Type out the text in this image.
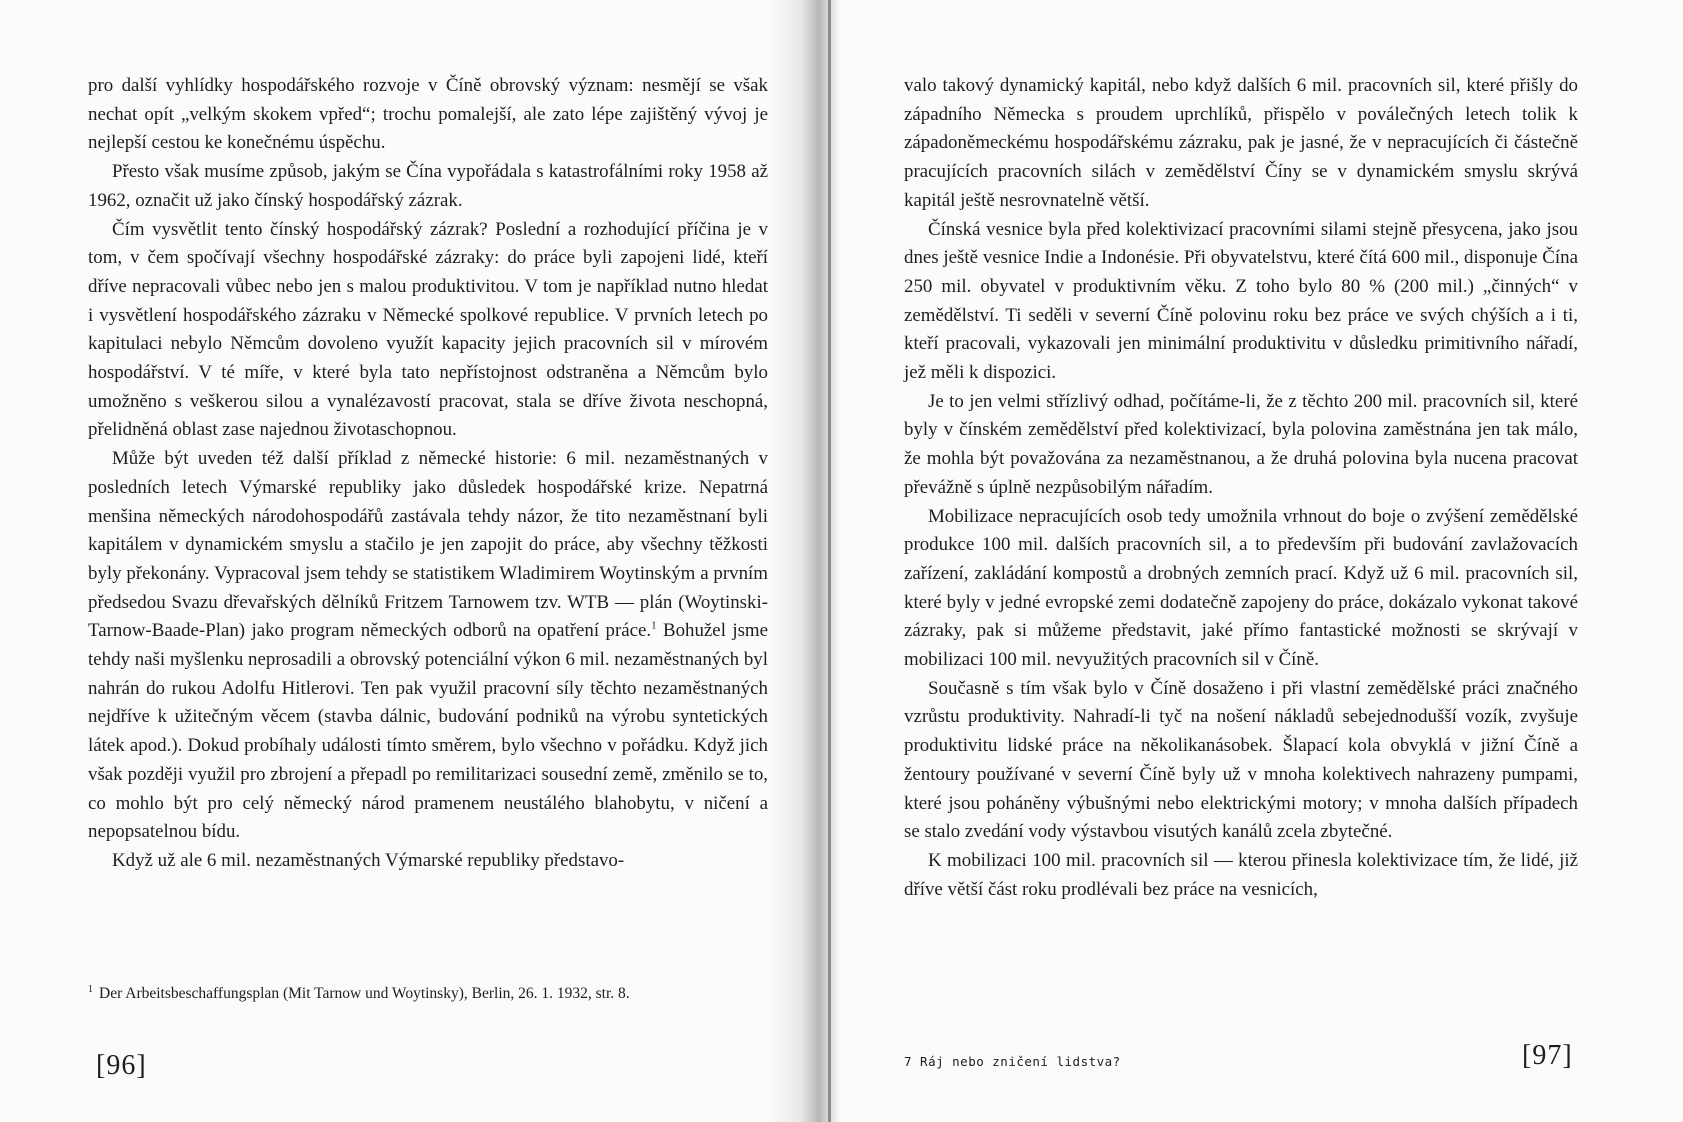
pro další vyhlídky hospodářského rozvoje v Číně obrovský význam: nesmějí se však nechat opít „velkým skokem vpřed“; trochu pomalejší, ale zato lépe zajištěný vývoj je nejlepší cestou ke konečnému úspěchu.

Přesto však musíme způsob, jakým se Čína vypořádala s katastrofálními roky 1958 až 1962, označit už jako čínský hospodářský zázrak.

Čím vysvětlit tento čínský hospodářský zázrak? Poslední a rozhodující příčina je v tom, v čem spočívají všechny hospodářské zázraky: do práce byli zapojeni lidé, kteří dříve nepracovali vůbec nebo jen s malou produktivitou. V tom je například nutno hledat i vysvětlení hospodářského zázraku v Německé spolkové republice. V prvních letech po kapitulaci nebylo Němcům dovoleno využít kapacity jejich pracovních sil v mírovém hospodářství. V té míře, v které byla tato nepřístojnost odstraněna a Němcům bylo umožněno s veškerou silou a vynalézavostí pracovat, stala se dříve života neschopná, přelidněná oblast zase najednou životaschopnou.

Může být uveden též další příklad z německé historie: 6 mil. nezaměstnaných v posledních letech Výmarské republiky jako důsledek hospodářské krize. Nepatrná menšina německých národohospodářů zastávala tehdy názor, že tito nezaměstnaní byli kapitálem v dynamickém smyslu a stačilo je jen zapojit do práce, aby všechny těžkosti byly překonány. Vypracoval jsem tehdy se statistikem Wladimirem Woytinským a prvním předsedou Svazu dřevařských dělníků Fritzem Tarnowem tzv. WTB — plán (Woytinski-Tarnow-Baade-Plan) jako program německých odborů na opatření práce.$^1$ Bohužel jsme tehdy naši myšlenku neprosadili a obrovský potenciální výkon 6 mil. nezaměstnaných byl nahrán do rukou Adolfu Hitlerovi. Ten pak využil pracovní síly těchto nezaměstnaných nejdříve k užitečným věcem (stavba dálnic, budování podniků na výrobu syntetických látek apod.). Dokud probíhaly události tímto směrem, bylo všechno v pořádku. Když jich však později využil pro zbrojení a přepadl po remilitarizaci sousední země, změnilo se to, co mohlo být pro celý německý národ pramenem neustálého blahobytu, v ničení a nepopsatelnou bídu.

Když už ale 6 mil. nezaměstnaných Výmarské republiky představo-

$^1$ Der Arbeitsbeschaffungsplan (Mit Tarnow und Woytinsky), Berlin, 26. 1. 1932, str. 8.
[96]

valo takový dynamický kapitál, nebo když dalších 6 mil. pracovních sil, které přišly do západního Německa s proudem uprchlíků, přispělo v poválečných letech tolik k západoněmeckému hospodářskému zázraku, pak je jasné, že v nepracujících či částečně pracujících pracovních silách v zemědělství Číny se v dynamickém smyslu skrývá kapitál ještě nesrovnatelně větší.

Čínská vesnice byla před kolektivizací pracovními silami stejně přesycena, jako jsou dnes ještě vesnice Indie a Indonésie. Při obyvatelstvu, které čítá 600 mil., disponuje Čína 250 mil. obyvatel v produktivním věku. Z toho bylo 80 % (200 mil.) „činných“ v zemědělství. Ti seděli v severní Číně polovinu roku bez práce ve svých chýších a i ti, kteří pracovali, vykazovali jen minimální produktivitu v důsledku primitivního nářadí, jež měli k dispozici.

Je to jen velmi střízlivý odhad, počítáme-li, že z těchto 200 mil. pracovních sil, které byly v čínském zemědělství před kolektivizací, byla polovina zaměstnána jen tak málo, že mohla být považována za nezaměstnanou, a že druhá polovina byla nucena pracovat převážně s úplně nezpůsobilým nářadím.

Mobilizace nepracujících osob tedy umožnila vrhnout do boje o zvýšení zemědělské produkce 100 mil. dalších pracovních sil, a to především při budování zavlažovacích zařízení, zakládání kompostů a drobných zemních prací. Když už 6 mil. pracovních sil, které byly v jedné evropské zemi dodatečně zapojeny do práce, dokázalo vykonat takové zázraky, pak si můžeme představit, jaké přímo fantastické možnosti se skrývají v mobilizaci 100 mil. nevyužitých pracovních sil v Číně.

Současně s tím však bylo v Číně dosaženo i při vlastní zemědělské práci značného vzrůstu produktivity. Nahradí-li tyč na nošení nákladů sebejednodušší vozík, zvyšuje produktivitu lidské práce na několikanásobek. Šlapací kola obvyklá v jižní Číně a žentoury používané v severní Číně byly už v mnoha kolektivech nahrazeny pumpami, které jsou poháněny výbušnými nebo elektrickými motory; v mnoha dalších případech se stalo zvedání vody výstavbou visutých kanálů zcela zbytečné.

K mobilizaci 100 mil. pracovních sil — kterou přinesla kolektivizace tím, že lidé, již dříve větší část roku prodlévali bez práce na vesnicích,

7 Ráj nebo zničení lidstva?	[97]
